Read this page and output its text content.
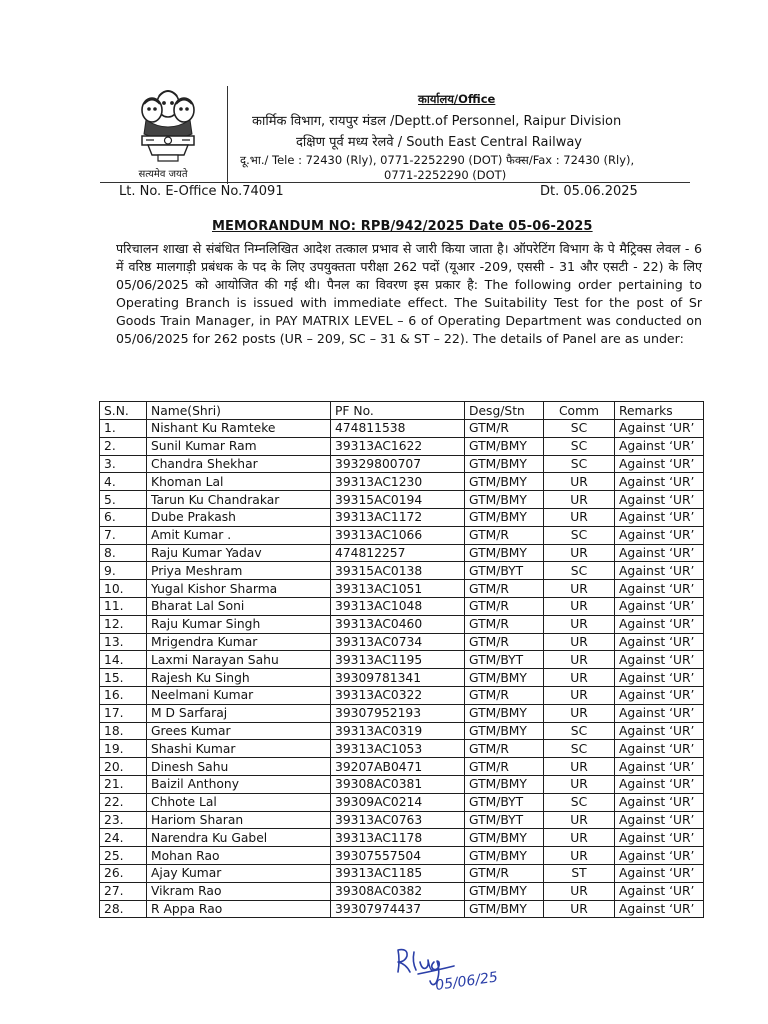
सत्यमेव जयते
कार्यालय/Office
कार्मिक विभाग, रायपुर मंडल /Deptt.of Personnel, Raipur Division
दक्षिण पूर्व मध्य रेलवे / South East Central Railway
दू.भा./ Tele : 72430 (Rly), 0771-2252290 (DOT) फैक्स/Fax : 72430 (Rly),
0771-2252290 (DOT)
Lt. No. E-Office No.74091	Dt. 05.06.2025
MEMORANDUM NO: RPB/942/2025 Date 05-06-2025
परिचालन शाखा से संबंधित निम्नलिखित आदेश तत्काल प्रभाव से जारी किया जाता है। ऑपरेटिंग विभाग के पे मैट्रिक्स लेवल - 6 में वरिष्ठ मालगाड़ी प्रबंधक के पद के लिए उपयुक्तता परीक्षा 262 पदों (यूआर -209, एससी - 31 और एसटी - 22) के लिए 05/06/2025 को आयोजित की गई थी। पैनल का विवरण इस प्रकार है: The following order pertaining to Operating Branch is issued with immediate effect. The Suitability Test for the post of Sr Goods Train Manager, in PAY MATRIX LEVEL – 6 of Operating Department was conducted on 05/06/2025 for 262 posts (UR – 209, SC – 31 & ST – 22). The details of Panel are as under:
S.N.	Name(Shri)	PF No.	Desg/Stn	Comm	Remarks
1.	Nishant Ku Ramteke	474811538	GTM/R	SC	Against ‘UR’
2.	Sunil Kumar Ram	39313AC1622	GTM/BMY	SC	Against ‘UR’
3.	Chandra Shekhar	39329800707	GTM/BMY	SC	Against ‘UR’
4.	Khoman Lal	39313AC1230	GTM/BMY	UR	Against ‘UR’
5.	Tarun Ku Chandrakar	39315AC0194	GTM/BMY	UR	Against ‘UR’
6.	Dube Prakash	39313AC1172	GTM/BMY	UR	Against ‘UR’
7.	Amit Kumar .	39313AC1066	GTM/R	SC	Against ‘UR’
8.	Raju Kumar Yadav	474812257	GTM/BMY	UR	Against ‘UR’
9.	Priya Meshram	39315AC0138	GTM/BYT	SC	Against ‘UR’
10.	Yugal Kishor Sharma	39313AC1051	GTM/R	UR	Against ‘UR’
11.	Bharat Lal Soni	39313AC1048	GTM/R	UR	Against ‘UR’
12.	Raju Kumar Singh	39313AC0460	GTM/R	UR	Against ‘UR’
13.	Mrigendra Kumar	39313AC0734	GTM/R	UR	Against ‘UR’
14.	Laxmi Narayan Sahu	39313AC1195	GTM/BYT	UR	Against ‘UR’
15.	Rajesh Ku Singh	39309781341	GTM/BMY	UR	Against ‘UR’
16.	Neelmani Kumar	39313AC0322	GTM/R	UR	Against ‘UR’
17.	M D Sarfaraj	39307952193	GTM/BMY	UR	Against ‘UR’
18.	Grees Kumar	39313AC0319	GTM/BMY	SC	Against ‘UR’
19.	Shashi Kumar	39313AC1053	GTM/R	SC	Against ‘UR’
20.	Dinesh Sahu	39207AB0471	GTM/R	UR	Against ‘UR’
21.	Baizil Anthony	39308AC0381	GTM/BMY	UR	Against ‘UR’
22.	Chhote Lal	39309AC0214	GTM/BYT	SC	Against ‘UR’
23.	Hariom Sharan	39313AC0763	GTM/BYT	UR	Against ‘UR’
24.	Narendra Ku Gabel	39313AC1178	GTM/BMY	UR	Against ‘UR’
25.	Mohan Rao	39307557504	GTM/BMY	UR	Against ‘UR’
26.	Ajay Kumar	39313AC1185	GTM/R	ST	Against ‘UR’
27.	Vikram Rao	39308AC0382	GTM/BMY	UR	Against ‘UR’
28.	R Appa Rao	39307974437	GTM/BMY	UR	Against ‘UR’
05/06/25
